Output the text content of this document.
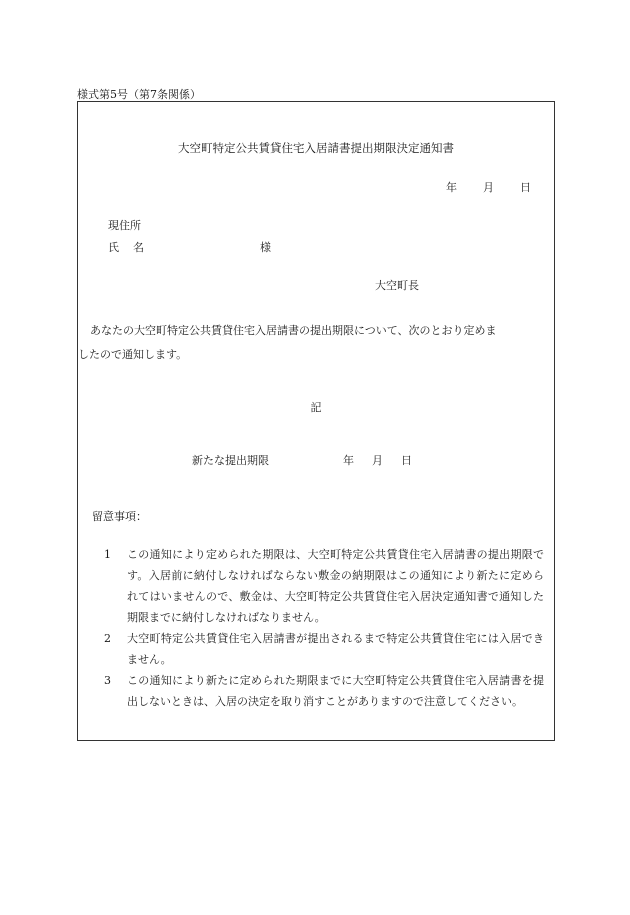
様式第5号（第7条関係）
大空町特定公共賃貸住宅入居請書提出期限決定通知書
年 月 日
現住所
氏 名	様
大空町長
あなたの大空町特定公共賃貸住宅入居請書の提出期限について、次のとおり定めま
したので通知します。
記
新たな提出期限	年 月 日
留意事項：
1	この通知により定められた期限は、大空町特定公共賃貸住宅入居請書の提出期限です。入居前に納付しなければならない敷金の納期限はこの通知により新たに定められてはいませんので、敷金は、大空町特定公共賃貸住宅入居決定通知書で通知した期限までに納付しなければなりません。
2	大空町特定公共賃貸住宅入居請書が提出されるまで特定公共賃貸住宅には入居できません。
3	この通知により新たに定められた期限までに大空町特定公共賃貸住宅入居請書を提出しないときは、入居の決定を取り消すことがありますので注意してください。
